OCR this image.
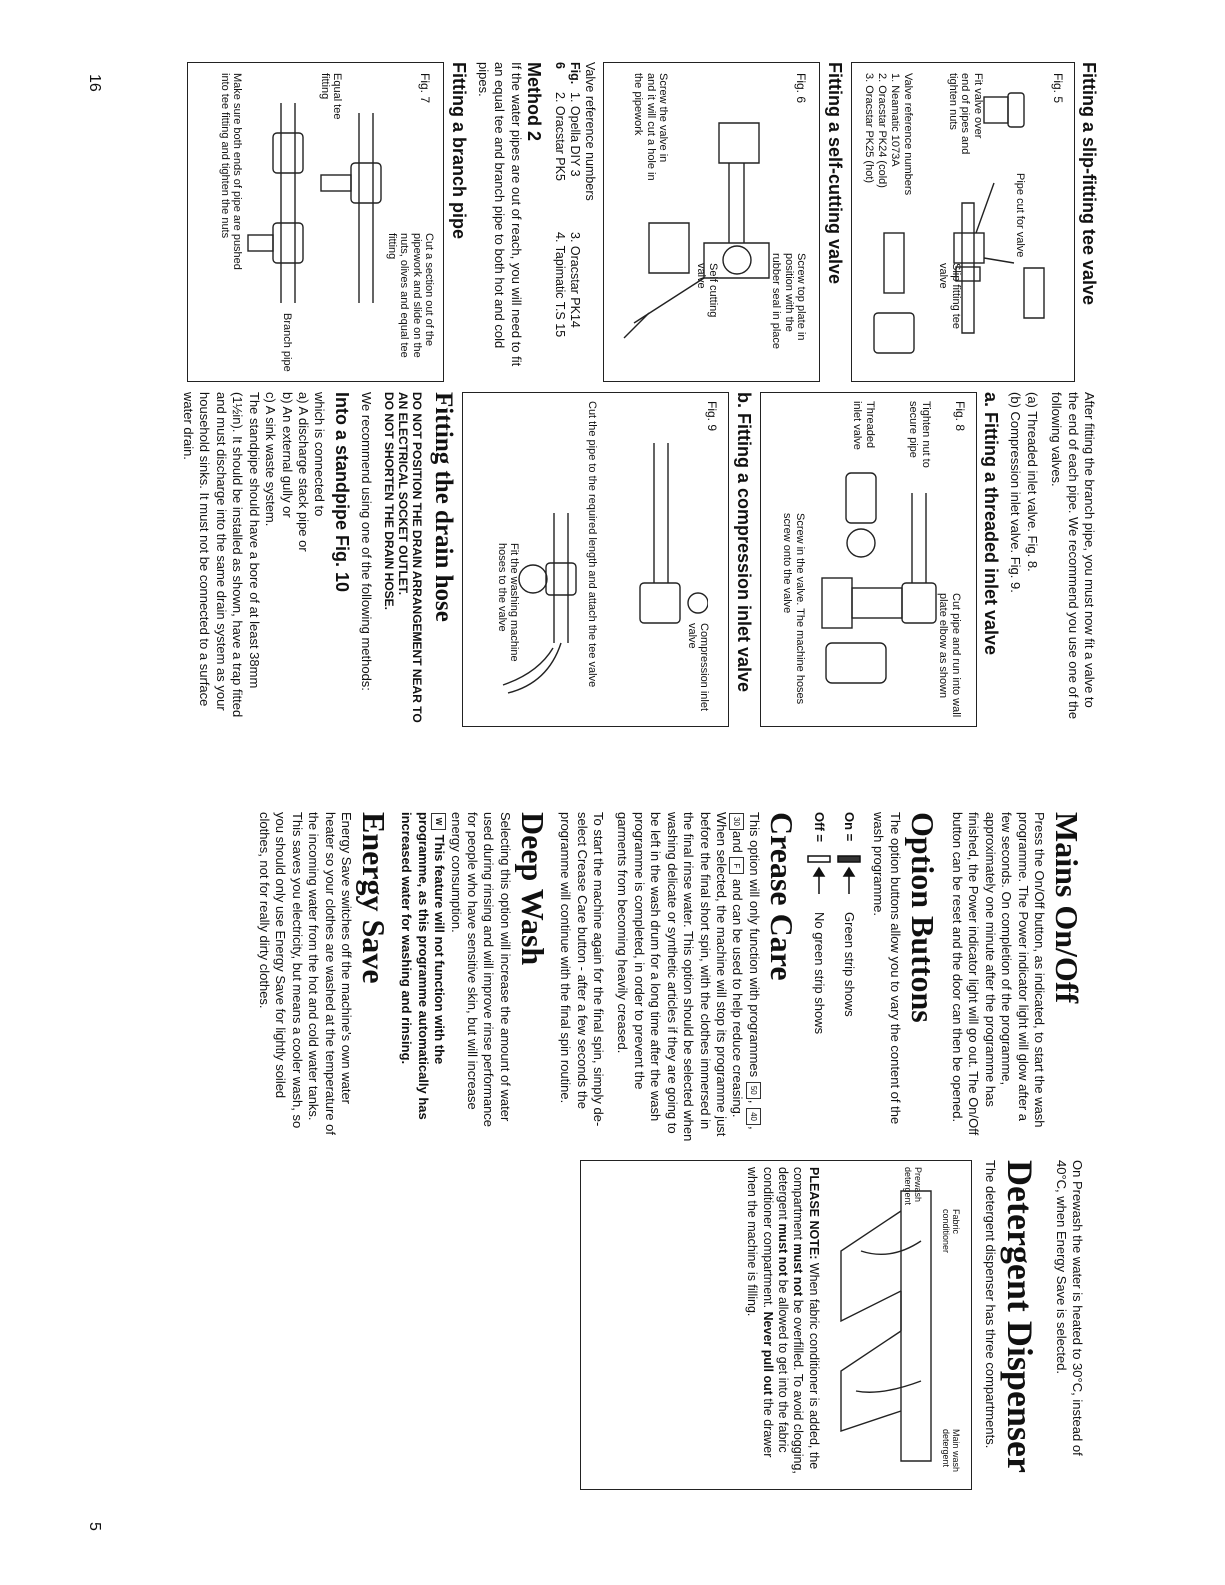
16
5
Fitting a slip-fitting tee valve
Fig. 5
Pipe cut for valve
Fit valve over end of pipes and tighten nuts
Slip fitting tee valve
Valve reference numbers
1. Neamatic 1073A
2. Oracstar PK24 (cold)
3. Oracstar PK25 (hot)
Fitting a self-cutting valve
Fig. 6
Screw top plate in position with the rubber seal in place
Self cutting valve
Screw the valve in and it will cut a hole in the pipework
Valve reference numbers
Fig. 6
1. Opella DIY 3
2. Oracstar PK5
3. Oracstar PK14
4. Tapimatic T.S 15
Method 2

If the water pipes are out of reach, you will need to fit an equal tee and branch pipe to both hot and cold pipes.

Fitting a branch pipe
Fig. 7
Cut a section out of the pipework and slide on the nuts, olives and equal tee fitting
Equal tee fitting
Branch pipe
Make sure both ends of pipe are pushed into tee fitting and tighten the nuts

After fitting the branch pipe, you must now fit a valve to the end of each pipe. We recommend you use one of the following valves.

(a) Threaded inlet valve. Fig. 8.
(b) Compression inlet valve. Fig. 9.
a. Fitting a threaded inlet valve
Fig. 8
Cut pipe and run into wall plate elbow as shown
Tighten nut to secure pipe
Threaded inlet valve
Screw in the valve. The machine hoses screw onto the valve
b. Fitting a compression inlet valve
Fig. 9
Compression inlet valve
Cut the pipe to the required length and attach the tee valve
Fit the washing machine hoses to the valve
Fitting the drain hose
DO NOT POSITION THE DRAIN ARRANGEMENT NEAR TO AN ELECTRICAL SOCKET OUTLET.
DO NOT SHORTEN THE DRAIN HOSE.

We recommend using one of the following methods:

Into a standpipe Fig. 10
which is connected to
a) A discharge stack pipe or
b) An external gully or
c) A sink waste system.

The standpipe should have a bore of at least 38mm (1½in). It should be installed as shown, have a trap fitted and must discharge into the same drain system as your household sinks. It must not be connected to a surface water drain.

Mains On/Off

Press the On/Off button, as indicated, to start the wash programme. The Power indicator light will glow after a few seconds. On completion of the programme, approximately one minute after the programme has finished, the Power indicator light will go out. The On/Off button can be reset and the door can then be opened.

Option Buttons

The option buttons allow you to vary the content of the wash programme.

On =
Green strip shows
Off =
No green strip shows
Crease Care

This option will only function with programmes 50, 40, 30and F and can be used to help reduce creasing. When selected, the machine will stop its programme just before the final short spin, with the clothes immersed in the final rinse water. This option should be selected when washing delicate or synthetic articles if they are going to be left in the wash drum for a long time after the wash programme is completed, in order to prevent the garments from becoming heavily creased.

To start the machine again for the final spin, simply de-select Crease Care button - after a few seconds the programme will continue with the final spin routine.

Deep Wash

Selecting this option will increase the amount of water used during rinsing and will improve rinse performance for people who have sensitive skin, but will increase energy consumption.

W This feature will not function with the programme, as this programme automatically has increased water for washing and rinsing.

Energy Save

Energy Save switches off the machine's own water heater so your clothes are washed at the temperature of the incoming water from the hot and cold water tanks. This saves you electricity, but means a cooler wash, so you should only use Energy Save for lightly soiled clothes, not for really dirty clothes.

On Prewash the water is heated to 30°C, instead of 40°C, when Energy Save is selected.

Detergent Dispenser

The detergent dispenser has three compartments.

Fabric conditioner
Prewash detergent
Main wash detergent
PLEASE NOTE: When fabric conditioner is added, the compartment must not be overfilled. To avoid clogging, detergent must not be allowed to get into the fabric conditioner compartment. Never pull out the drawer when the machine is filling.
